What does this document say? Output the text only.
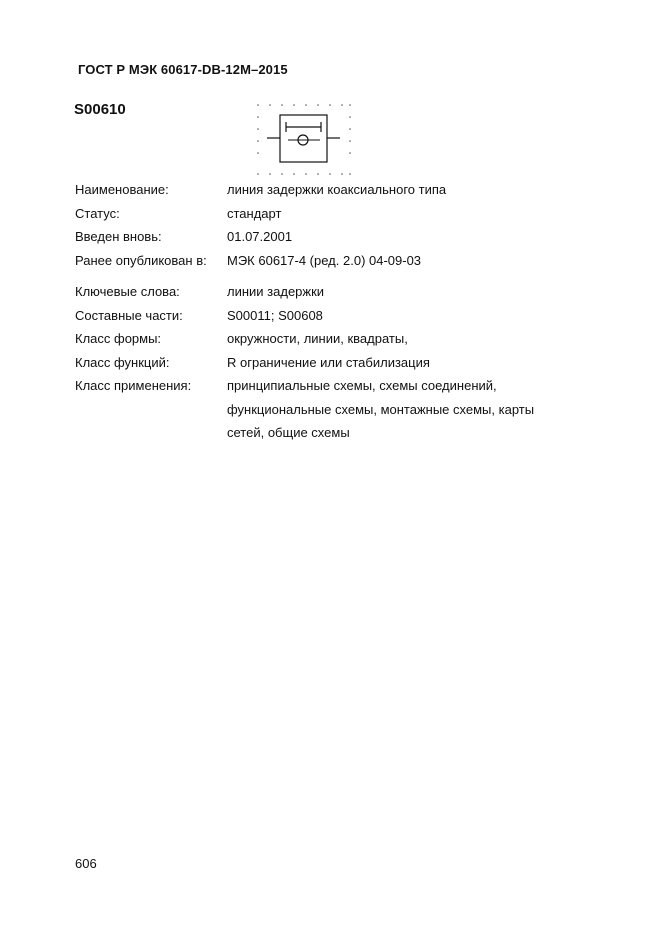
ГОСТ Р МЭК 60617-DB-12M–2015
S00610
Наименование:	линия задержки коаксиального типа
Статус:	стандарт
Введен вновь:	01.07.2001
Ранее опубликован в: МЭК 60617-4 (ред. 2.0) 04-09-03
Ключевые слова:	линии задержки
Составные части:	S00011; S00608
Класс формы:	окружности, линии, квадраты,
Класс функций:	R ограничение или стабилизация
Класс применения:	принципиальные схемы, схемы соединений,
функциональные схемы, монтажные схемы, карты
сетей, общие схемы
606
